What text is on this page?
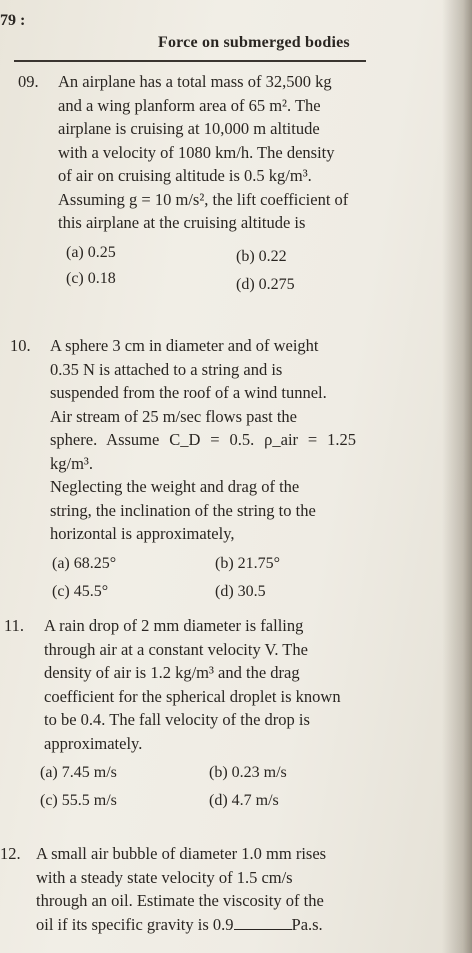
79 :
Force on submerged bodies
09. An airplane has a total mass of 32,500 kg
and a wing planform area of 65 m². The
airplane is cruising at 10,000 m altitude
with a velocity of 1080 km/h. The density
of air on cruising altitude is 0.5 kg/m³.
Assuming g = 10 m/s², the lift coefficient of
this airplane at the cruising altitude is
(a) 0.25	(b) 0.22
(c) 0.18	(d) 0.275
10. A sphere 3 cm in diameter and of weight
0.35 N is attached to a string and is
suspended from the roof of a wind tunnel.
Air stream of 25 m/sec flows past the
sphere. Assume C_D = 0.5. ρ_air = 1.25 kg/m³.
Neglecting the weight and drag of the
string, the inclination of the string to the
horizontal is approximately,
(a) 68.25°	(b) 21.75°
(c) 45.5°	(d) 30.5
11. A rain drop of 2 mm diameter is falling
through air at a constant velocity V. The
density of air is 1.2 kg/m³ and the drag
coefficient for the spherical droplet is known
to be 0.4. The fall velocity of the drop is
approximately.
(a) 7.45 m/s	(b) 0.23 m/s
(c) 55.5 m/s	(d) 4.7 m/s
12. A small air bubble of diameter 1.0 mm rises
with a steady state velocity of 1.5 cm/s
through an oil. Estimate the viscosity of the
oil if its specific gravity is 0.9	Pa.s.
